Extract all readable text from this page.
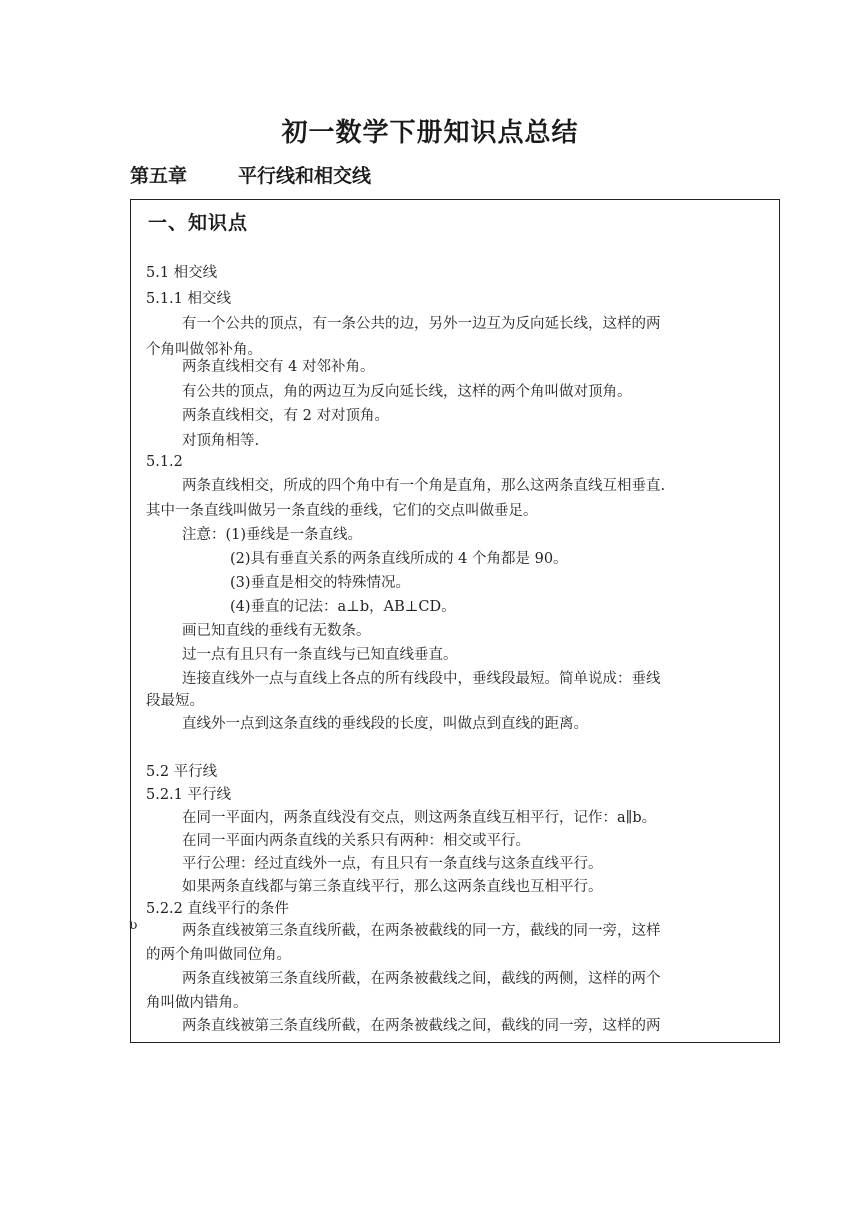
初一数学下册知识点总结
第五章	平行线和相交线
一、知识点
5.1 相交线
5.1.1 相交线
有一个公共的顶点，有一条公共的边，另外一边互为反向延长线，这样的两
个角叫做邻补角。
两条直线相交有 4 对邻补角。
有公共的顶点，角的两边互为反向延长线，这样的两个角叫做对顶角。
两条直线相交，有 2 对对顶角。
对顶角相等.
5.1.2
两条直线相交，所成的四个角中有一个角是直角，那么这两条直线互相垂直.
其中一条直线叫做另一条直线的垂线，它们的交点叫做垂足。
注意：(1)垂线是一条直线。
(2)具有垂直关系的两条直线所成的 4 个角都是 90。
(3)垂直是相交的特殊情况。
(4)垂直的记法：a⊥b，AB⊥CD。
画已知直线的垂线有无数条。
过一点有且只有一条直线与已知直线垂直。
连接直线外一点与直线上各点的所有线段中，垂线段最短。简单说成：垂线
段最短。
直线外一点到这条直线的垂线段的长度，叫做点到直线的距离。
5.2 平行线
5.2.1 平行线
在同一平面内，两条直线没有交点，则这两条直线互相平行，记作：a∥b。
在同一平面内两条直线的关系只有两种：相交或平行。
平行公理：经过直线外一点，有且只有一条直线与这条直线平行。
如果两条直线都与第三条直线平行，那么这两条直线也互相平行。
5.2.2 直线平行的条件
两条直线被第三条直线所截，在两条被截线的同一方，截线的同一旁，这样
的两个角叫做同位角。
两条直线被第三条直线所截，在两条被截线之间，截线的两侧，这样的两个
角叫做内错角。
两条直线被第三条直线所截，在两条被截线之间，截线的同一旁，这样的两
ʋ
